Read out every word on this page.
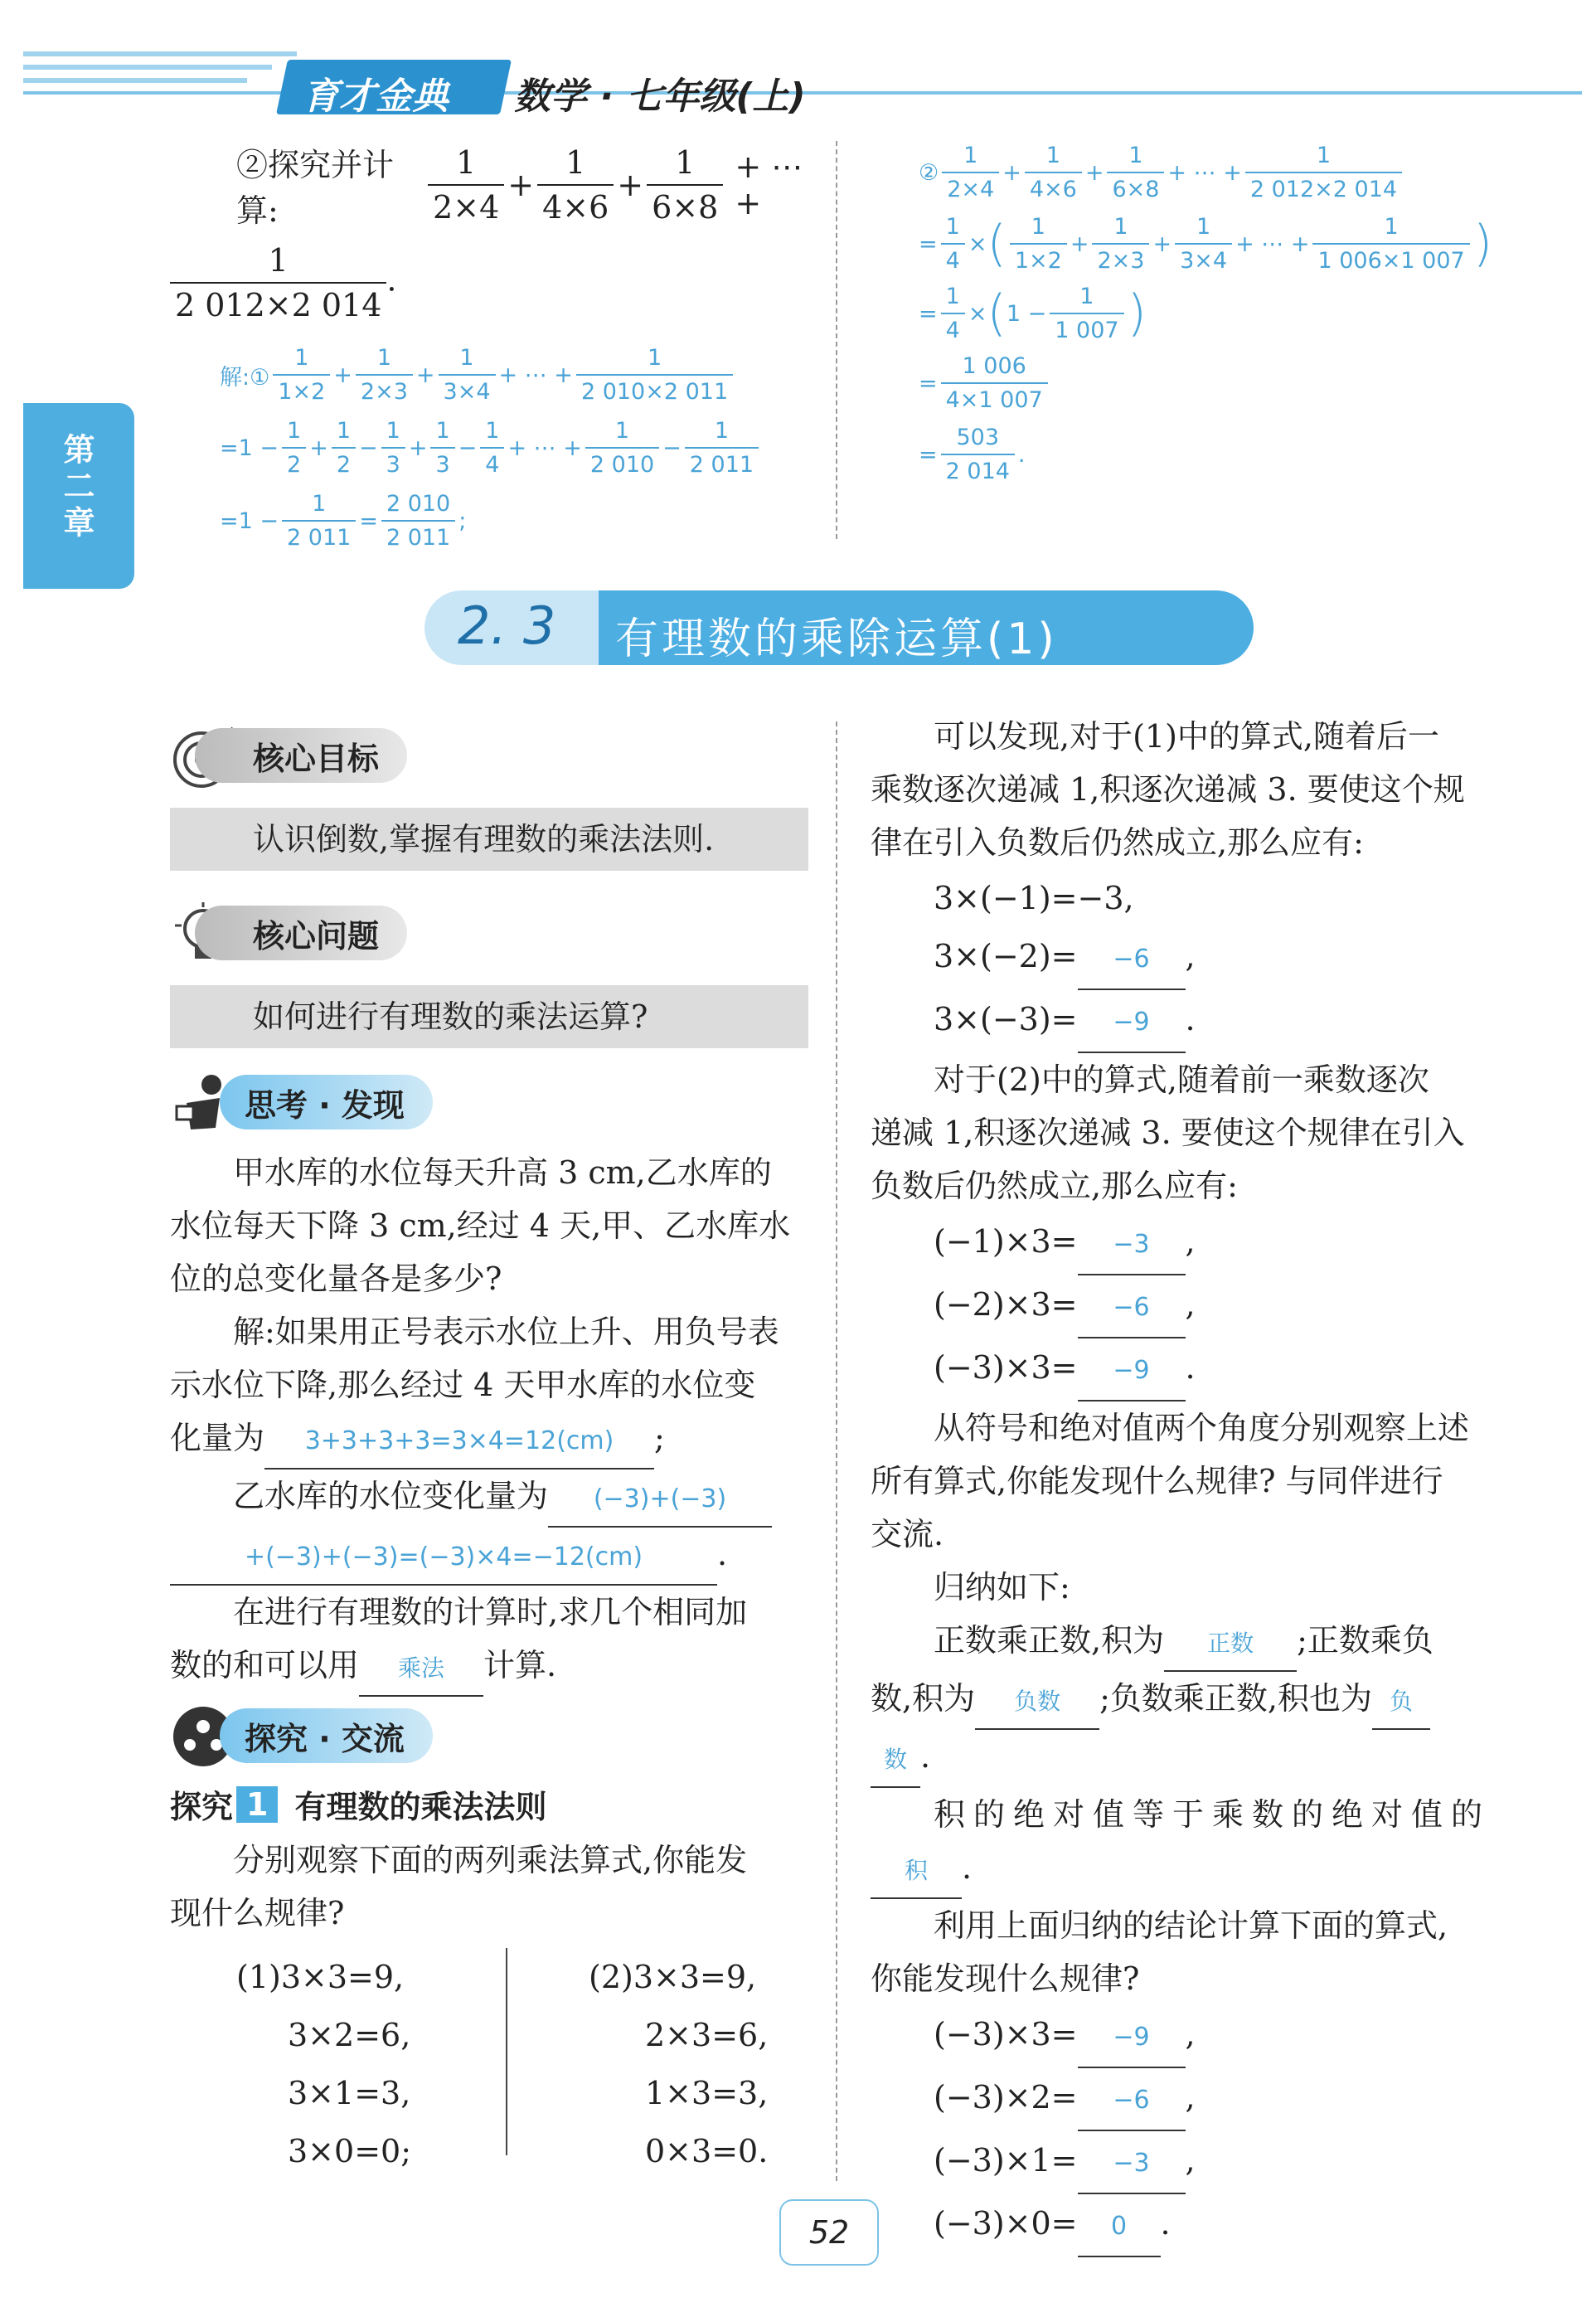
育才金典 数学 · 七年级(上)
第二章
②探究并计算:	$\frac{1}{2\times 4} + \frac{1}{4\times 6} + \frac{1}{6\times 8}$ + ⋯ +
$\frac{1}{2 012\times 2 014}$ .
解:① $\frac{1}{1\times 2} + \frac{1}{2\times 3} + \frac{1}{3\times 4}$ + ⋯ + $\frac{1}{2 010\times 2 011}$
$=1 - \frac{1}{2} + \frac{1}{2} - \frac{1}{3} + \frac{1}{3} - \frac{1}{4}$ + ⋯ + $\frac{1}{2 010} - \frac{1}{2 011}$
$=1 - \frac{1}{2 011} = \frac{2 010}{2 011}$ ;
② $\frac{1}{2\times 4} + \frac{1}{4\times 6} + \frac{1}{6\times 8}$ + ⋯ + $\frac{1}{2 012\times 2 014}$
= $\frac{1}{4}$ × ( $\frac{1}{1\times 2} + \frac{1}{2\times 3} + \frac{1}{3\times 4}$ + ⋯ + $\frac{1}{1 006\times 1 007}$ )
= $\frac{1}{4}$ × ( $1 - \frac{1}{1 007}$ )
= $\frac{1 006}{4\times 1 007}$
= $\frac{503}{2 014}$ .
2. 3 有理数的乘除运算(1)
核心目标
认识倒数,掌握有理数的乘法法则.
核心问题
如何进行有理数的乘法运算?
思考 · 发现
甲水库的水位每天升高 3 cm,乙水库的
水位每天下降 3 cm,经过 4 天,甲、乙水库水
位的总变化量各是多少?
解:如果用正号表示水位上升、用负号表
示水位下降,那么经过 4 天甲水库的水位变
化量为 3+3+3+3=3×4=12(cm) ;
乙水库的水位变化量为 (−3)+(−3)
+(−3)+(−3)=(−3)×4=−12(cm) .
在进行有理数的计算时,求几个相同加
数的和可以用 乘法 计算.
探究 · 交流
探究 1 有理数的乘法法则
分别观察下面的两列乘法算式,你能发
现什么规律?
(1)3×3=9,
3×2=6,
3×1=3,
3×0=0;
(2)3×3=9,
2×3=6,
1×3=3,
0×3=0.
可以发现,对于(1)中的算式,随着后一
乘数逐次递减 1,积逐次递减 3. 要使这个规
律在引入负数后仍然成立,那么应有:
3×(−1)=−3,
3×(−2)= −6 ,
3×(−3)= −9 .
对于(2)中的算式,随着前一乘数逐次
递减 1,积逐次递减 3. 要使这个规律在引入
负数后仍然成立,那么应有:
(−1)×3= −3 ,
(−2)×3= −6 ,
(−3)×3= −9 .
从符号和绝对值两个角度分别观察上述
所有算式,你能发现什么规律? 与同伴进行
交流.
归纳如下:
正数乘正数,积为 正数 ;正数乘负
数,积为 负数 ;负数乘正数,积也为 负
数 .
积的绝对值等于乘数的绝对值的
积 .
利用上面归纳的结论计算下面的算式,
你能发现什么规律?
(−3)×3= −9 ,
(−3)×2= −6 ,
(−3)×1= −3 ,
(−3)×0= 0 .
52
